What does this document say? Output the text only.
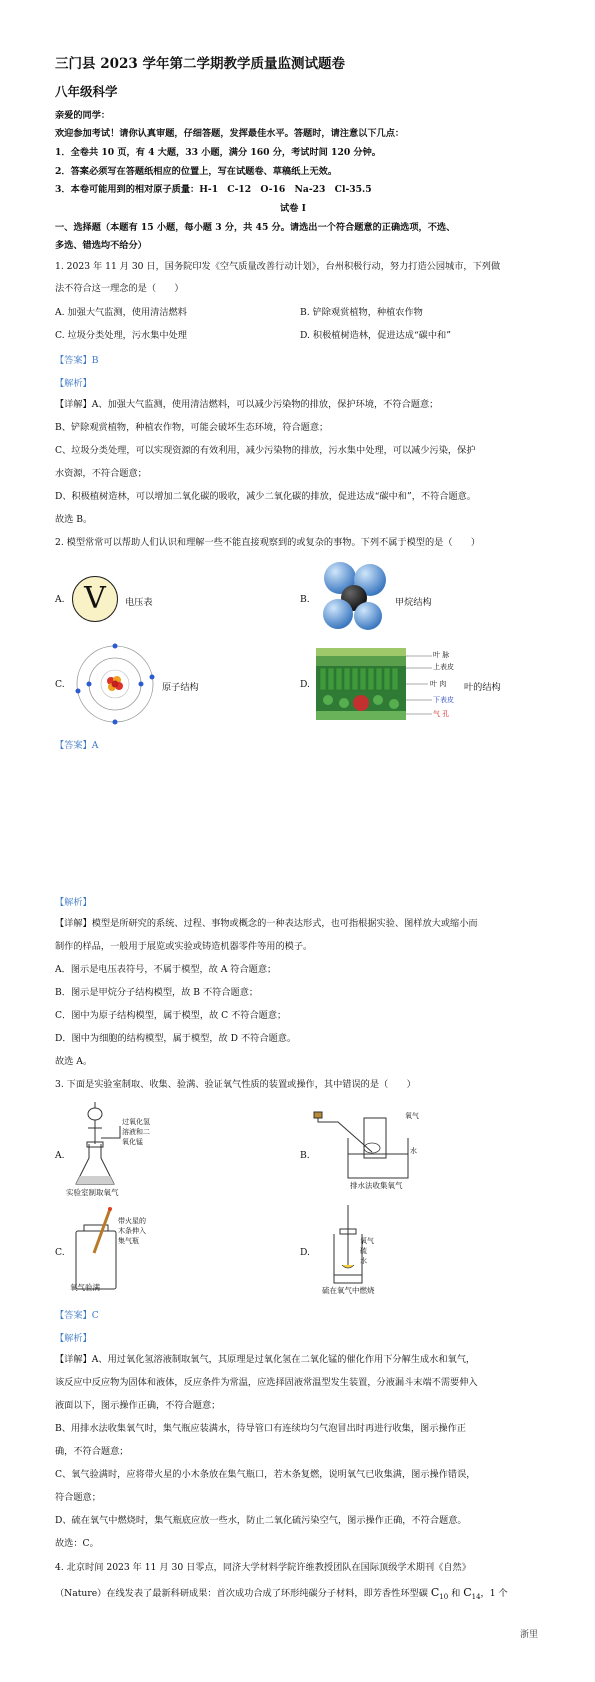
三门县 2023 学年第二学期教学质量监测试题卷
八年级科学
亲爱的同学：
欢迎参加考试！请你认真审题，仔细答题，发挥最佳水平。答题时，请注意以下几点：
1．全卷共 10 页，有 4 大题，33 小题，满分 160 分，考试时间 120 分钟。
2．答案必须写在答题纸相应的位置上，写在试题卷、草稿纸上无效。
3．本卷可能用到的相对原子质量：H-1　C-12　O-16　Na-23　Cl-35.5
试卷 I
一、选择题（本题有 15 小题，每小题 3 分，共 45 分。请选出一个符合题意的正确选项，不选、
多选、错选均不给分）
1. 2023 年 11 月 30 日，国务院印发《空气质量改善行动计划》，台州积极行动，努力打造公园城市，下列做
法不符合这一理念的是（　　）
A. 加强大气监测，使用清洁燃料	B. 铲除观赏植物，种植农作物
C. 垃圾分类处理，污水集中处理	D. 积极植树造林，促进达成“碳中和”
【答案】B
【解析】
【详解】A、加强大气监测，使用清洁燃料，可以减少污染物的排放，保护环境，不符合题意；
B、铲除观赏植物，种植农作物，可能会破坏生态环境，符合题意；
C、垃圾分类处理，可以实现资源的有效利用，减少污染物的排放，污水集中处理，可以减少污染，保护
水资源，不符合题意；
D、积极植树造林，可以增加二氧化碳的吸收，减少二氧化碳的排放，促进达成“碳中和”，不符合题意。
故选 B。
2. 模型常常可以帮助人们认识和理解一些不能直接观察到的或复杂的事物。下列不属于模型的是（　　）
A. V	电压表	B.	甲烷结构
C.	原子结构	D.
叶 脉
上表皮
叶 肉
下表皮
气 孔
叶的结构
【答案】A
【解析】
【详解】模型是所研究的系统、过程、事物或概念的一种表达形式，也可指根据实验、图样放大或缩小而
制作的样品，一般用于展览或实验或铸造机器零件等用的模子。
A．图示是电压表符号，不属于模型，故 A 符合题意；
B．图示是甲烷分子结构模型，故 B 不符合题意；
C．图中为原子结构模型，属于模型，故 C 不符合题意；
D．图中为细胞的结构模型，属于模型，故 D 不符合题意。
故选 A。
3. 下面是实验室制取、收集、验满、验证氧气性质的装置或操作，其中错误的是（　　）
A.
过氧化氢
溶液和二
氧化锰
实验室制取氧气
B.
氧气
水
排水法收集氧气
C.
带火星的
木条伸入
集气瓶
氧气验满
D.
氧气
硫
水
硫在氧气中燃烧
【答案】C
【解析】
【详解】A、用过氧化氢溶液制取氧气，其原理是过氧化氢在二氧化锰的催化作用下分解生成水和氧气，
该反应中反应物为固体和液体，反应条件为常温，应选择固液常温型发生装置，分液漏斗末端不需要伸入
液面以下，图示操作正确，不符合题意；
B、用排水法收集氧气时，集气瓶应装满水，待导管口有连续均匀气泡冒出时再进行收集，图示操作正
确，不符合题意；
C、氧气验满时，应将带火星的小木条放在集气瓶口，若木条复燃，说明氧气已收集满，图示操作错误，
符合题意；
D、硫在氧气中燃烧时，集气瓶底应放一些水，防止二氧化硫污染空气，图示操作正确，不符合题意。
故选：C。
4. 北京时间 2023 年 11 月 30 日零点，同济大学材料学院许维教授团队在国际顶级学术期刊《自然》
（Nature）在线发表了最新科研成果：首次成功合成了环形纯碳分子材料，即芳香性环型碳 $C_{10}$ 和 $C_{14}$，1 个
浙里
